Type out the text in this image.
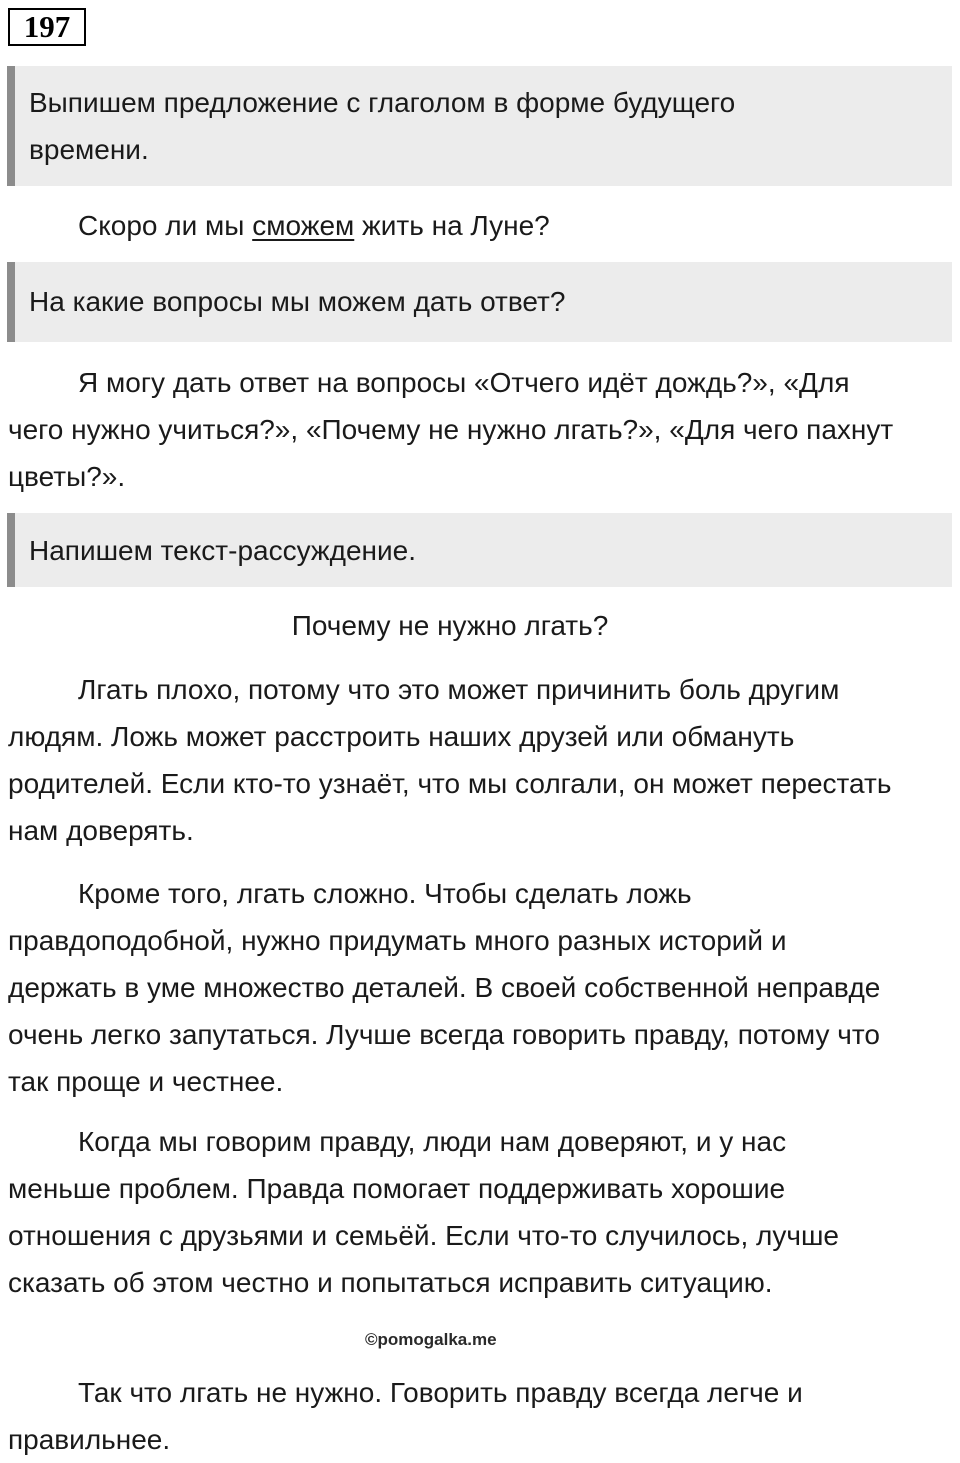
197
Выпишем предложение с глаголом в форме будущего
времени.

Скоро ли мы сможем жить на Луне?

На какие вопросы мы можем дать ответ?

Я могу дать ответ на вопросы «Отчего идёт дождь?», «Для чего нужно учиться?», «Почему не нужно лгать?», «Для чего пахнут цветы?».

Напишем текст-рассуждение.

Почему не нужно лгать?

Лгать плохо, потому что это может причинить боль другим людям. Ложь может расстроить наших друзей или обмануть родителей. Если кто-то узнаёт, что мы солгали, он может перестать нам доверять.

Кроме того, лгать сложно. Чтобы сделать ложь правдоподобной, нужно придумать много разных историй и держать в уме множество деталей. В своей собственной неправде очень легко запутаться. Лучше всегда говорить правду, потому что так проще и честнее.

Когда мы говорим правду, люди нам доверяют, и у нас меньше проблем. Правда помогает поддерживать хорошие отношения с друзьями и семьёй. Если что-то случилось, лучше сказать об этом честно и попытаться исправить ситуацию.

Так что лгать не нужно. Говорить правду всегда легче и правильнее.

©pomogalka.me
